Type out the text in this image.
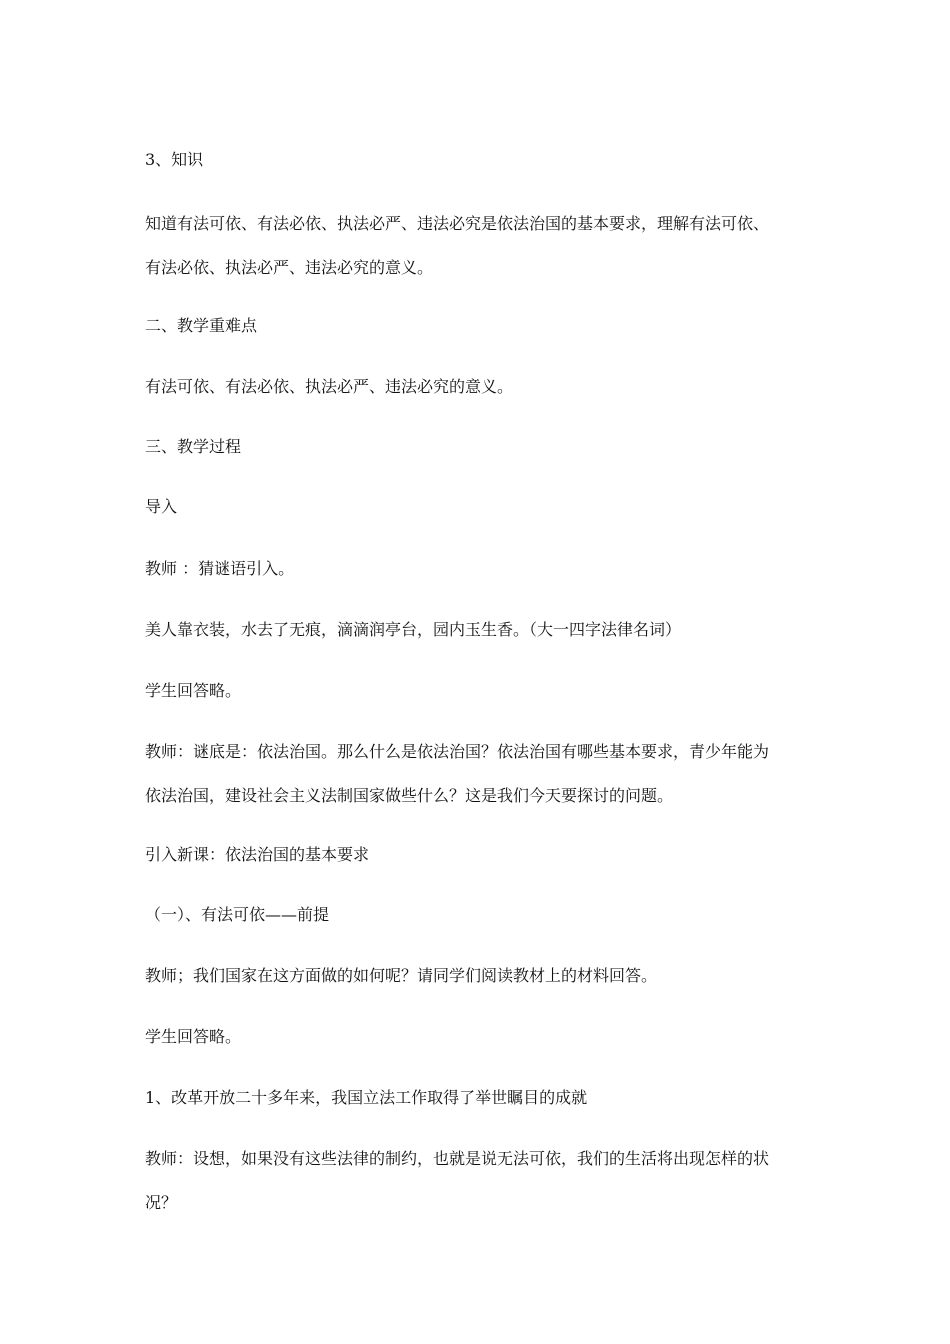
3、知识

知道有法可依、有法必依、执法必严、违法必究是依法治国的基本要求，理解有法可依、
有法必依、执法必严、违法必究的意义。

二、教学重难点

有法可依、有法必依、执法必严、违法必究的意义。

三、教学过程

导入

教师 ：猜谜语引入。

美人靠衣装，水去了无痕，滴滴润亭台，园内玉生香。（大一四字法律名词）

学生回答略。

教师：谜底是：依法治国。那么什么是依法治国？依法治国有哪些基本要求，青少年能为
依法治国，建设社会主义法制国家做些什么？这是我们今天要探讨的问题。

引入新课：依法治国的基本要求

（一）、有法可依——前提

教师；我们国家在这方面做的如何呢？请同学们阅读教材上的材料回答。

学生回答略。

1、改革开放二十多年来，我国立法工作取得了举世瞩目的成就

教师：设想，如果没有这些法律的制约，也就是说无法可依，我们的生活将出现怎样的状
况？
